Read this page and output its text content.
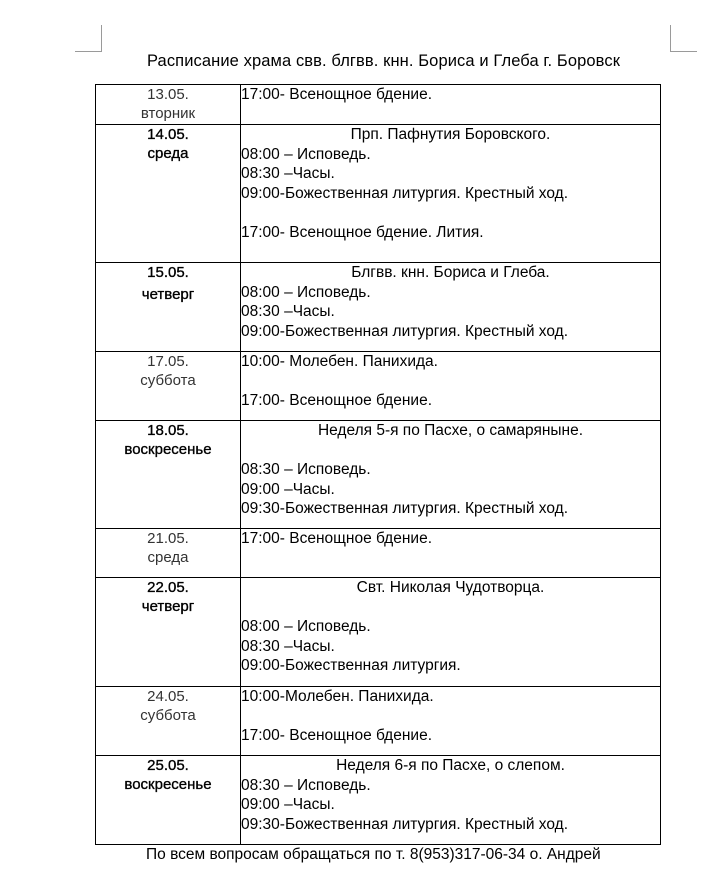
Расписание храма свв. блгвв. кнн. Бориса и Глеба г. Боровск
13.05.
вторник	17:00- Всенощное бдение.

14.05.
среда	Прп. Пафнутия Боровского.
08:00 – Исповедь.
08:30 –Часы.
09:00-Божественная литургия. Крестный ход.
17:00- Всенощное бдение. Лития.

15.05.
четверг	Блгвв. кнн. Бориса и Глеба.
08:00 – Исповедь.
08:30 –Часы.
09:00-Божественная литургия. Крестный ход.

17.05.
суббота	10:00- Молебен. Панихида.
17:00- Всенощное бдение.

18.05.
воскресенье	Неделя 5-я по Пасхе, о самаряныне.
08:30 – Исповедь.
09:00 –Часы.
09:30-Божественная литургия. Крестный ход.

21.05.
среда	17:00- Всенощное бдение.

22.05.
четверг	Свт. Николая Чудотворца.
08:00 – Исповедь.
08:30 –Часы.
09:00-Божественная литургия.

24.05.
суббота	10:00-Молебен. Панихида.
17:00- Всенощное бдение.

25.05.
воскресенье	Неделя 6-я по Пасхе, о слепом.
08:30 – Исповедь.
09:00 –Часы.
09:30-Божественная литургия. Крестный ход.
По всем вопросам обращаться по т. 8(953)317-06-34 о. Андрей
